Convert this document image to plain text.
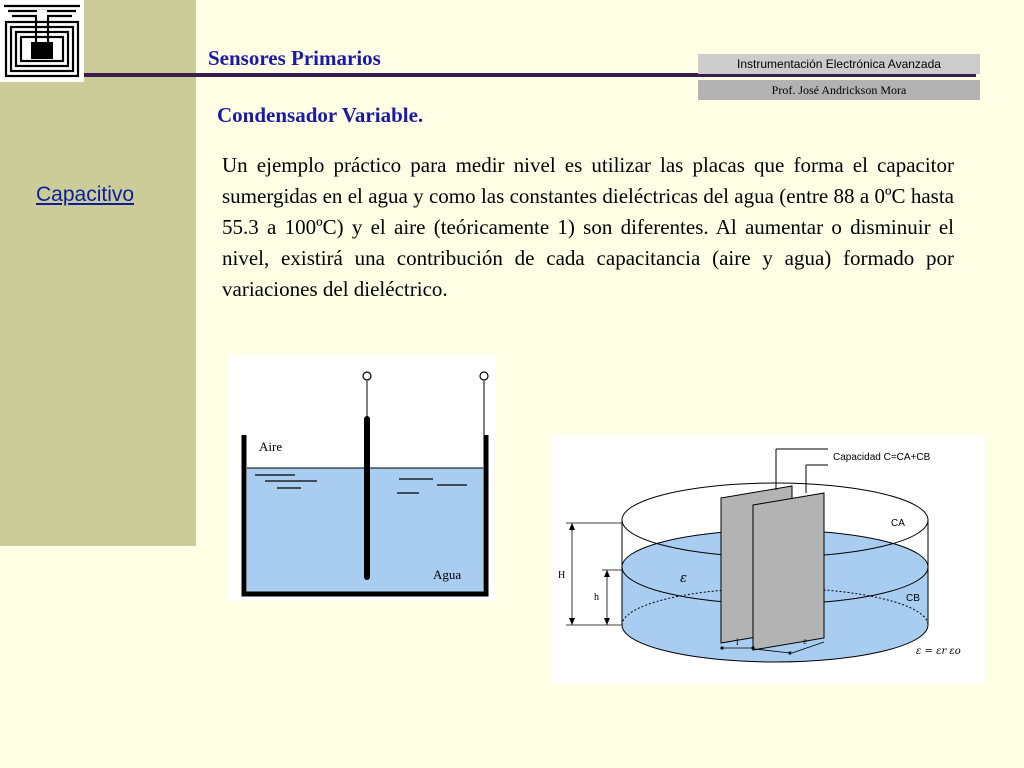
Capacitivo
Sensores Primarios	Instrumentación Electrónica Avanzada
Prof. José Andrickson Mora
Condensador Variable.

Un ejemplo práctico para medir nivel es utilizar las placas que forma el capacitor sumergidas en el agua y como las constantes dieléctricas del agua (entre 88 a 0ºC hasta 55.3 a 100ºC) y el aire (teóricamente 1) son diferentes. Al aumentar o disminuir el nivel, existirá una contribución de cada capacitancia (aire y agua) formado por variaciones del dieléctrico.

Aire
Agua
Capacidad C=CA+CB
CA
CB
H
h
ε
l	e
ε = εr εo
